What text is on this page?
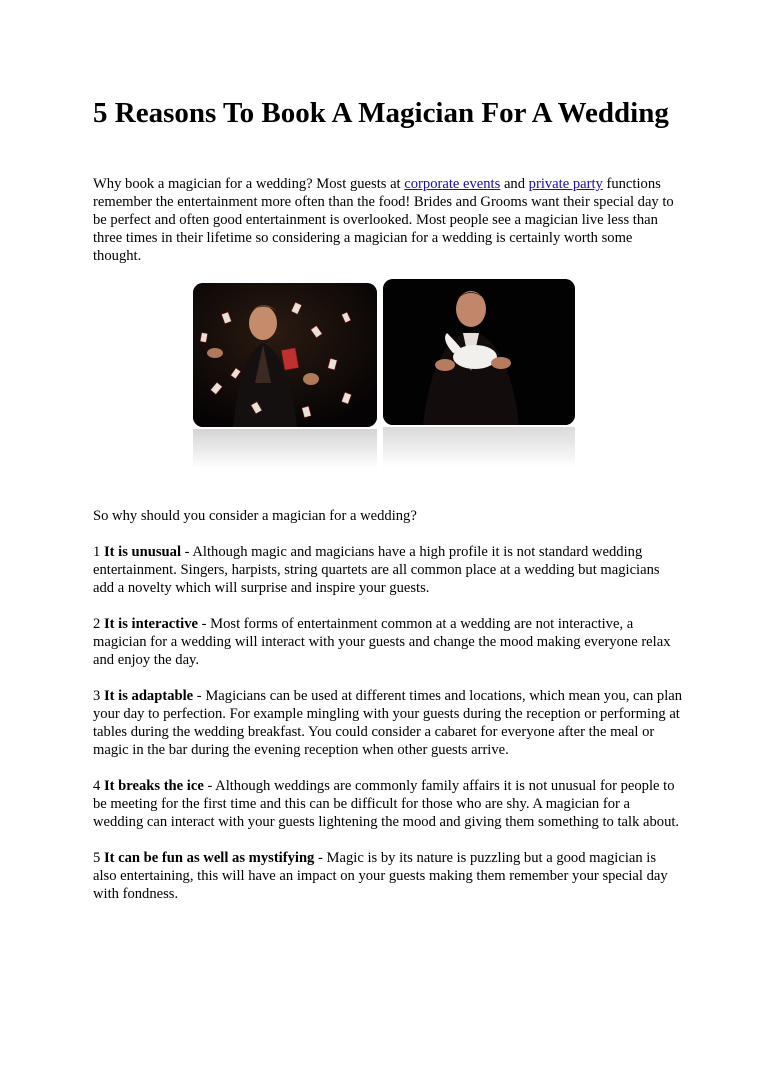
5 Reasons To Book A Magician For A Wedding

Why book a magician for a wedding? Most guests at corporate events and private party functions remember the entertainment more often than the food! Brides and Grooms want their special day to be perfect and often good entertainment is overlooked. Most people see a magician live less than three times in their lifetime so considering a magician for a wedding is certainly worth some thought.

So why should you consider a magician for a wedding?

1 It is unusual - Although magic and magicians have a high profile it is not standard wedding entertainment. Singers, harpists, string quartets are all common place at a wedding but magicians add a novelty which will surprise and inspire your guests.

2 It is interactive - Most forms of entertainment common at a wedding are not interactive, a magician for a wedding will interact with your guests and change the mood making everyone relax and enjoy the day.

3 It is adaptable - Magicians can be used at different times and locations, which mean you, can plan your day to perfection. For example mingling with your guests during the reception or performing at tables during the wedding breakfast. You could consider a cabaret for everyone after the meal or magic in the bar during the evening reception when other guests arrive.

4 It breaks the ice - Although weddings are commonly family affairs it is not unusual for people to be meeting for the first time and this can be difficult for those who are shy. A magician for a wedding can interact with your guests lightening the mood and giving them something to talk about.

5 It can be fun as well as mystifying - Magic is by its nature is puzzling but a good magician is also entertaining, this will have an impact on your guests making them remember your special day with fondness.
